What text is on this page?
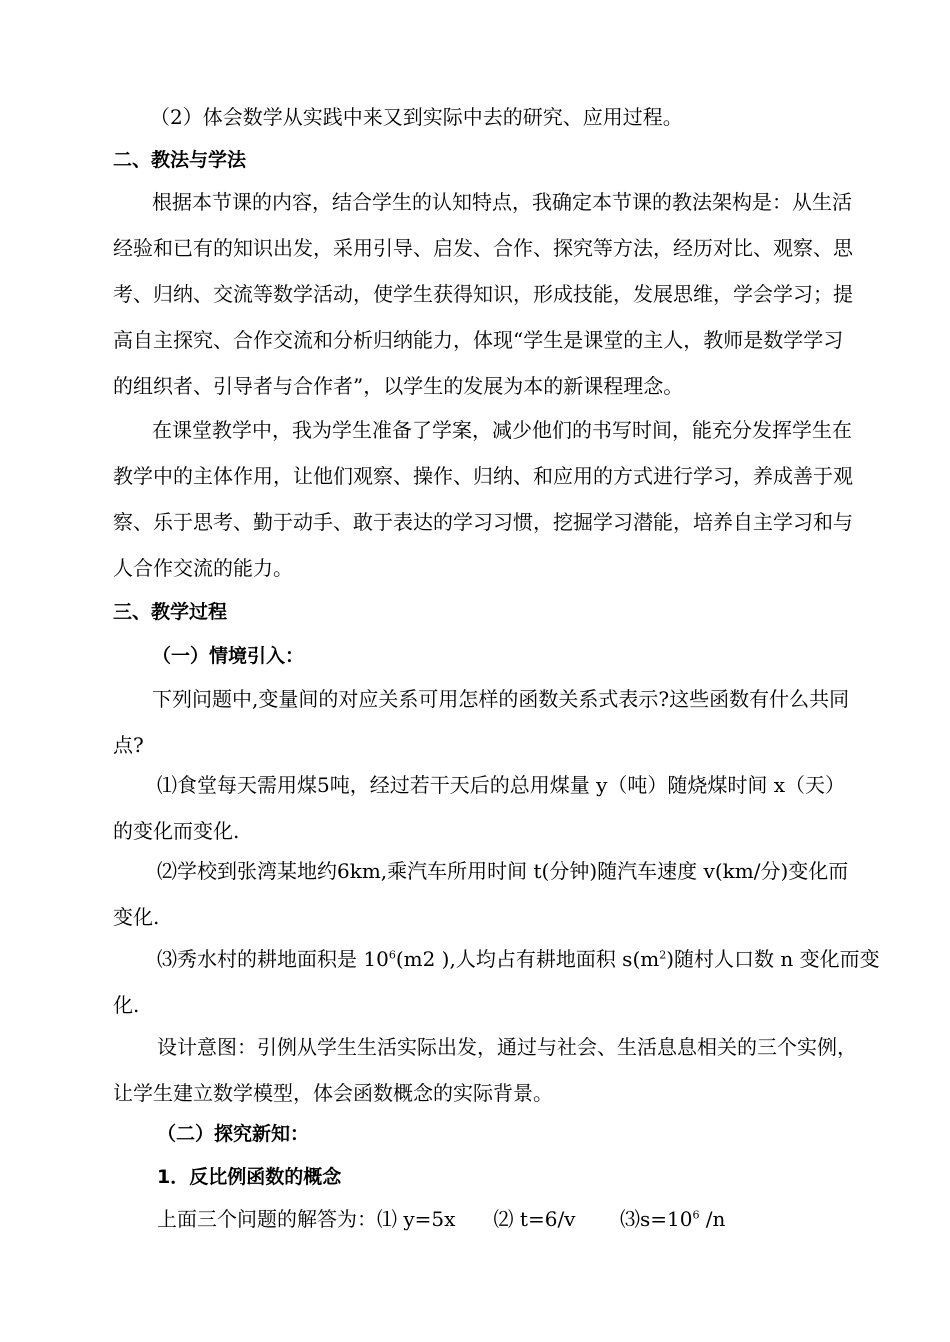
（2）体会数学从实践中来又到实际中去的研究、应用过程。
二、教法与学法
根据本节课的内容，结合学生的认知特点，我确定本节课的教法架构是：从生活
经验和已有的知识出发，采用引导、启发、合作、探究等方法，经历对比、观察、思
考、归纳、交流等数学活动，使学生获得知识，形成技能，发展思维，学会学习；提
高自主探究、合作交流和分析归纳能力，体现“学生是课堂的主人，教师是数学学习
的组织者、引导者与合作者”，以学生的发展为本的新课程理念。
在课堂教学中，我为学生准备了学案，减少他们的书写时间，能充分发挥学生在
教学中的主体作用，让他们观察、操作、归纳、和应用的方式进行学习，养成善于观
察、乐于思考、勤于动手、敢于表达的学习习惯，挖掘学习潜能，培养自主学习和与
人合作交流的能力。
三、教学过程
（一）情境引入：
下列问题中,变量间的对应关系可用怎样的函数关系式表示?这些函数有什么共同
点?
⑴食堂每天需用煤5吨，经过若干天后的总用煤量 y（吨）随烧煤时间 x（天）
的变化而变化.
⑵学校到张湾某地约6km,乘汽车所用时间 t(分钟)随汽车速度 v(km/分)变化而
变化.
⑶秀水村的耕地面积是 $10^6(m2$ ),人均占有耕地面积 $s(m^2)$随村人口数 n 变化而变
化.
设计意图：引例从学生生活实际出发，通过与社会、生活息息相关的三个实例，
让学生建立数学模型，体会函数概念的实际背景。
（二）探究新知：
1．反比例函数的概念
上面三个问题的解答为：⑴ y=5x      ⑵ t=6/v       $⑶s=10^6$ /n
